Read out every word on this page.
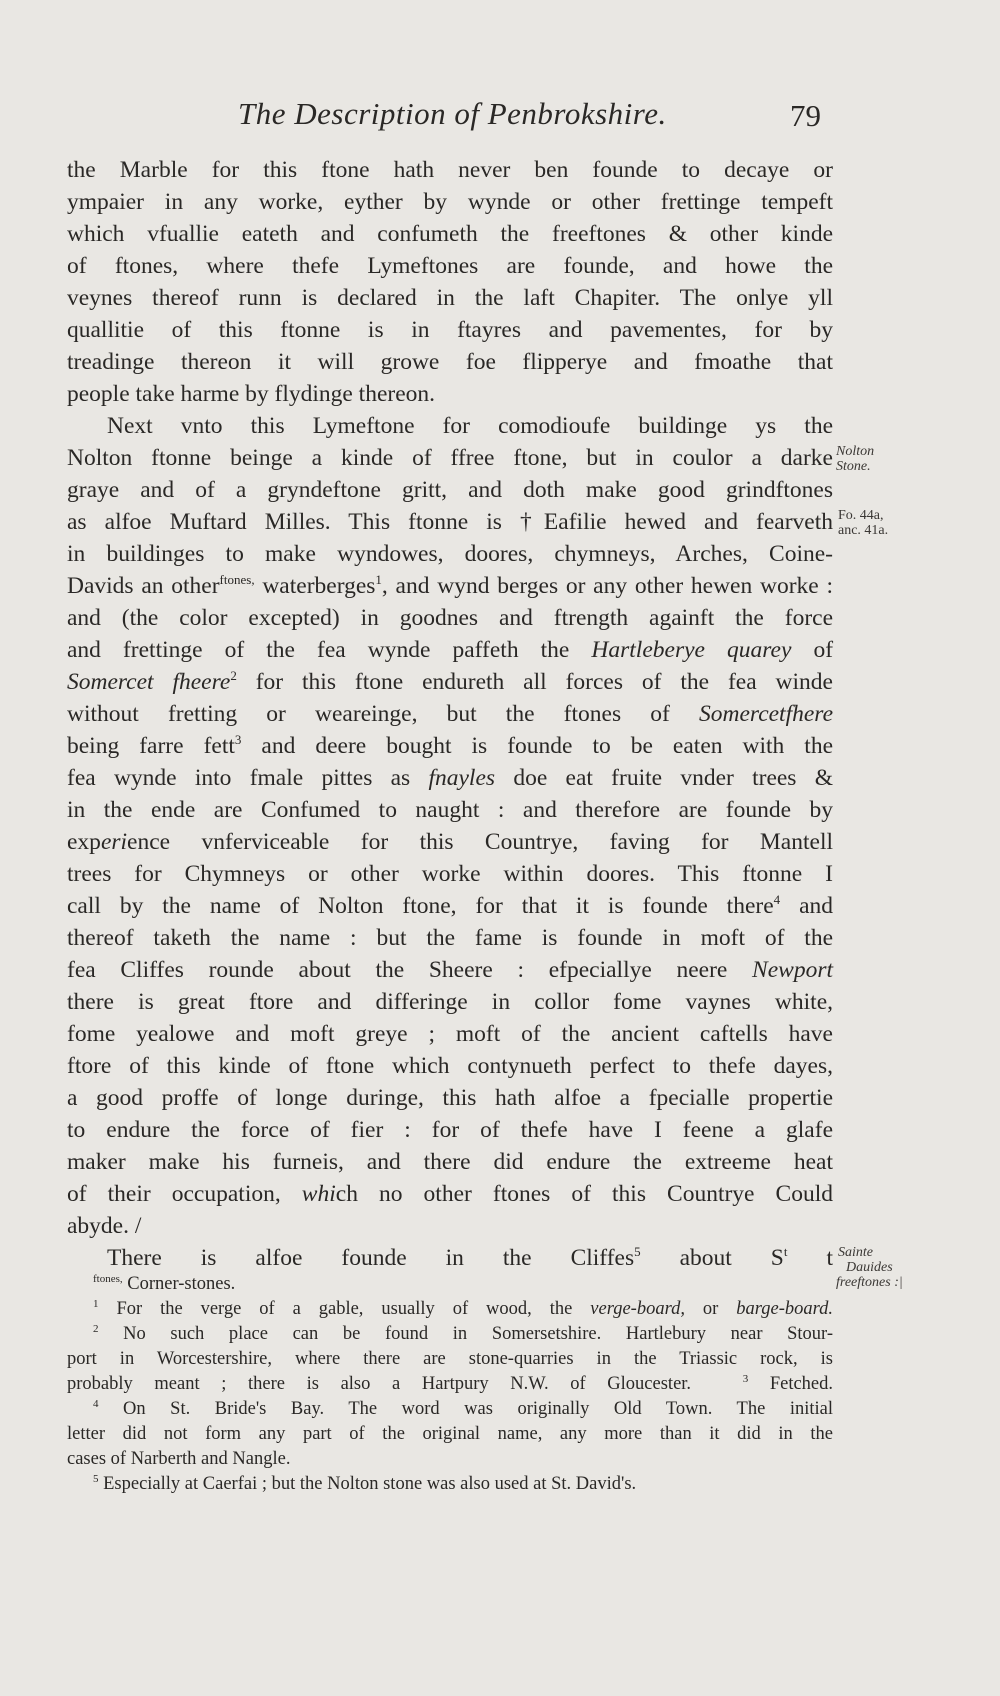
The Description of Penbrokshire.	79
the Marble for this ftone hath never ben founde to decaye or
ympaier in any worke, eyther by wynde or other frettinge tempeft
which vfuallie eateth and confumeth the freeftones & other kinde
of ftones, where thefe Lymeftones are founde, and howe the
veynes thereof runn is declared in the laft Chapiter. The onlye yll
quallitie of this ftonne is in ftayres and pavementes, for by
treadinge thereon it will growe foe flipperye and fmoathe that
people take harme by flydinge thereon.
Next vnto this Lymeftone for comodioufe buildinge ys the
Nolton ftonne beinge a kinde of ffree ftone, but in coulor a darke
graye and of a gryndeftone gritt, and doth make good grindftones
as alfoe Muftard Milles. This ftonne is †Eafilie hewed and fearveth
in buildinges to make wyndowes, doores, chymneys, Arches, Coine-
Davids an other$^{ftones,}$ waterberges$^1$, and wynd berges or any other hewen worke :
and (the color excepted) in goodnes and ftrength againft the force
and frettinge of the fea wynde paffeth the Hartleberye quarey of
Somercet fheere$^2$ for this ftone endureth all forces of the fea winde
without fretting or weareinge, but the ftones of Somercetfhere
being farre fett$^3$ and deere bought is founde to be eaten with the
fea wynde into fmale pittes as fnayles doe eat fruite vnder trees &
in the ende are Confumed to naught : and therefore are founde by
experience vnferviceable for this Countrye, faving for Mantell
trees for Chymneys or other worke within doores. This ftonne I
call by the name of Nolton ftone, for that it is founde there$^4$ and
thereof taketh the name : but the fame is founde in moft of the
fea Cliffes rounde about the Sheere : efpeciallye neere Newport
there is great ftore and differinge in collor fome vaynes white,
fome yealowe and moft greye ; moft of the ancient caftells have
ftore of this kinde of ftone which contynueth perfect to thefe dayes,
a good proffe of longe duringe, this hath alfoe a fpecialle propertie
to endure the force of fier : for of thefe have I feene a glafe
maker make his furneis, and there did endure the extreeme heat
of their occupation, which no other ftones of this Countrye Could
abyde. /
There is alfoe founde in the Cliffes$^5$ about $S^t$ t
Nolton
Stone.
Fo. 44a,
anc. 41a.
Sainte
Dauides
freeftones :|
$^{ftones,}$ Corner-stones.
$^1$ For the verge of a gable, usually of wood, the verge-board, or barge-board.
$^2$ No such place can be found in Somersetshire. Hartlebury near Stour-
port in Worcestershire, where there are stone-quarries in the Triassic rock, is
probably meant ; there is also a Hartpury N.W. of Gloucester.	$^3$ Fetched.
$^4$ On St. Bride's Bay. The word was originally Old Town. The initial
letter did not form any part of the original name, any more than it did in the
cases of Narberth and Nangle.
$^5$ Especially at Caerfai ; but the Nolton stone was also used at St. David's.
